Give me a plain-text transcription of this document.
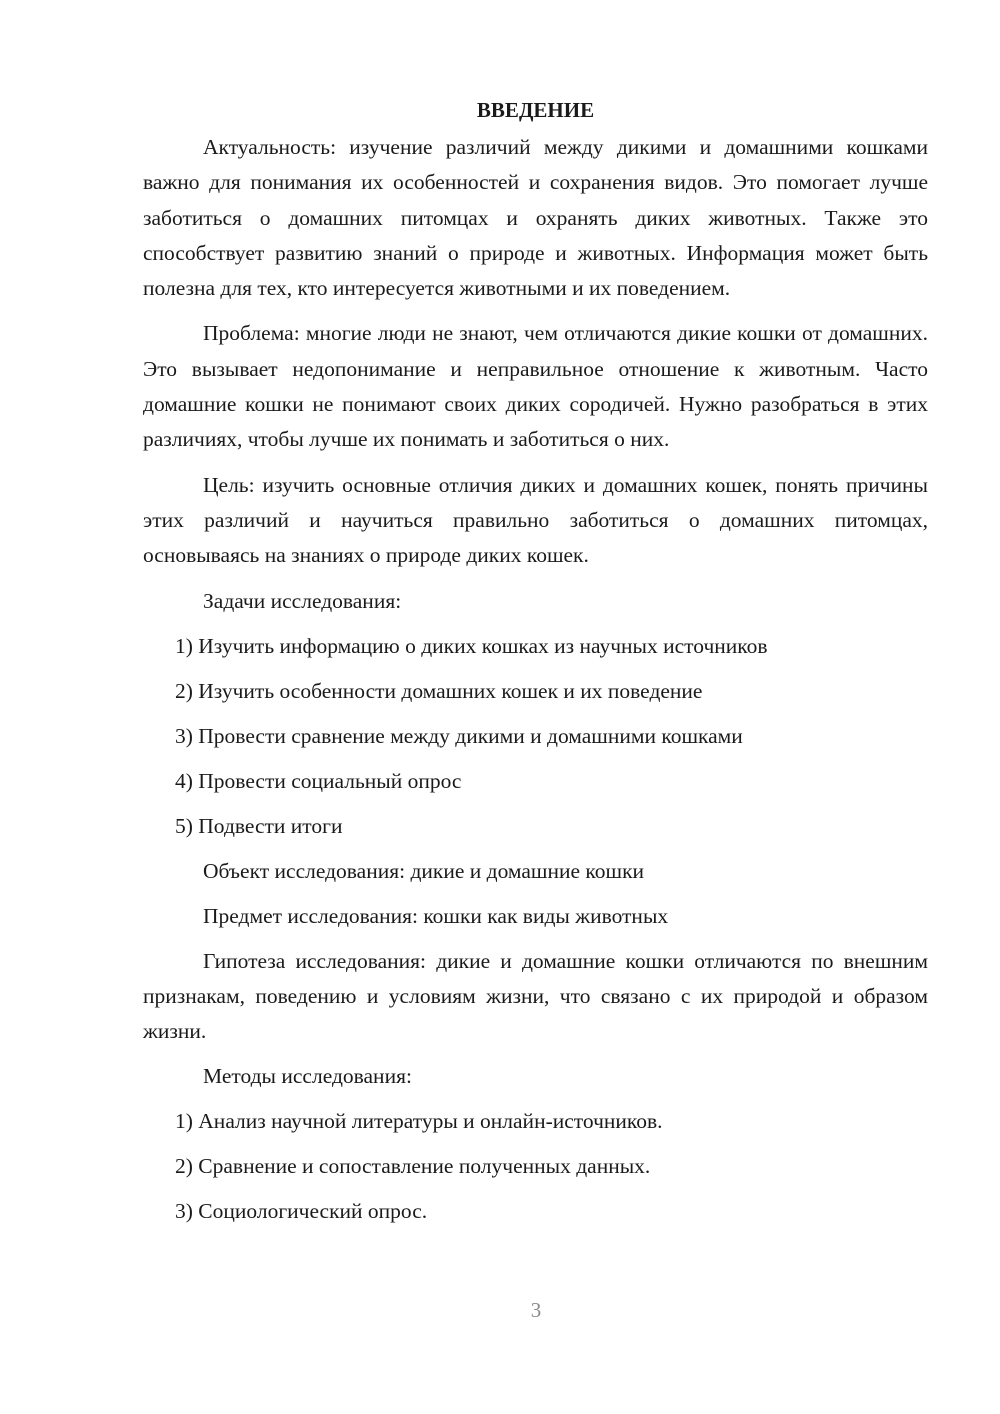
ВВЕДЕНИЕ

Актуальность: изучение различий между дикими и домашними кошками важно для понимания их особенностей и сохранения видов. Это помогает лучше заботиться о домашних питомцах и охранять диких животных. Также это способствует развитию знаний о природе и животных. Информация может быть полезна для тех, кто интересуется животными и их поведением.

Проблема: многие люди не знают, чем отличаются дикие кошки от домашних. Это вызывает недопонимание и неправильное отношение к животным. Часто домашние кошки не понимают своих диких сородичей. Нужно разобраться в этих различиях, чтобы лучше их понимать и заботиться о них.

Цель: изучить основные отличия диких и домашних кошек, понять причины этих различий и научиться правильно заботиться о домашних питомцах, основываясь на знаниях о природе диких кошек.

Задачи исследования:

1) Изучить информацию о диких кошках из научных источников

2) Изучить особенности домашних кошек и их поведение

3) Провести сравнение между дикими и домашними кошками

4) Провести социальный опрос

5) Подвести итоги

Объект исследования: дикие и домашние кошки

Предмет исследования: кошки как виды животных

Гипотеза исследования: дикие и домашние кошки отличаются по внешним признакам, поведению и условиям жизни, что связано с их природой и образом жизни.

Методы исследования:

1) Анализ научной литературы и онлайн-источников.

2) Сравнение и сопоставление полученных данных.

3) Социологический опрос.

3
